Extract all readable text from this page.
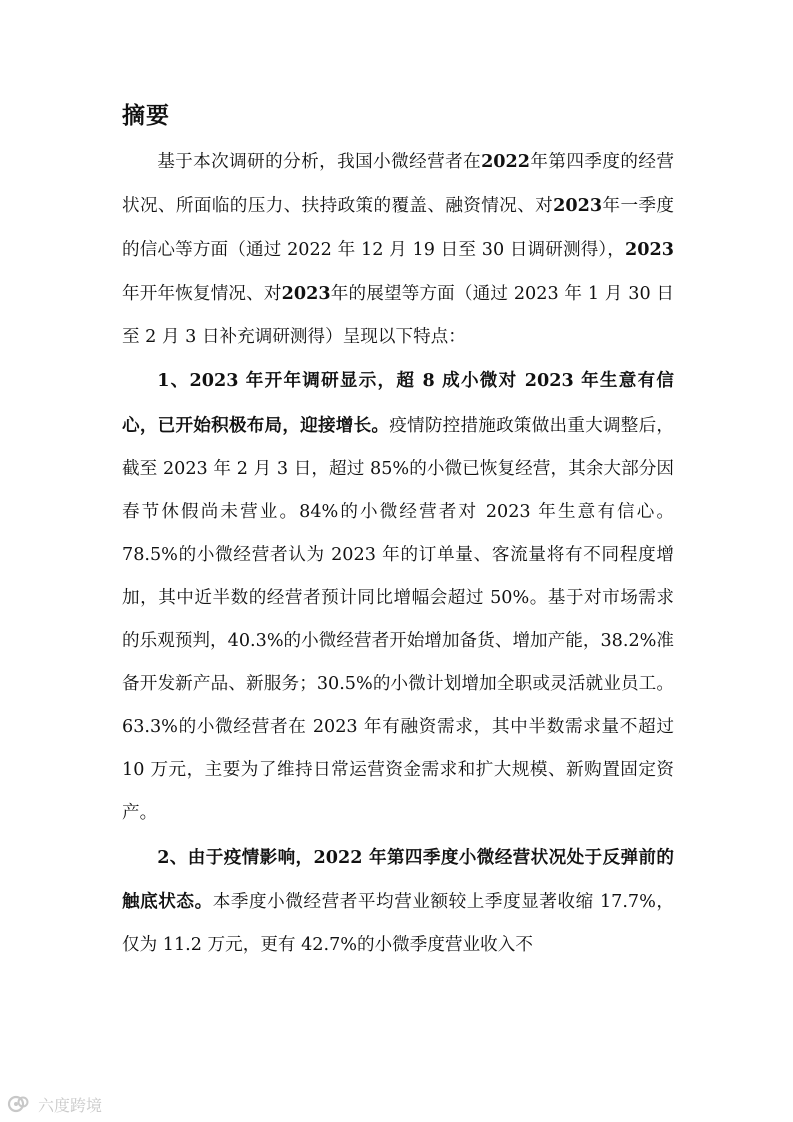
摘要

基于本次调研的分析，我国小微经营者在2022年第四季度的经营状况、所面临的压力、扶持政策的覆盖、融资情况、对2023年一季度的信心等方面（通过 2022 年 12 月 19 日至 30 日调研测得），2023年开年恢复情况、对2023年的展望等方面（通过 2023 年 1 月 30 日至 2 月 3 日补充调研测得）呈现以下特点：

1、2023 年开年调研显示，超 8 成小微对 2023 年生意有信心，已开始积极布局，迎接增长。疫情防控措施政策做出重大调整后，截至 2023 年 2 月 3 日，超过 85%的小微已恢复经营，其余大部分因春节休假尚未营业。84%的小微经营者对 2023 年生意有信心。78.5%的小微经营者认为 2023 年的订单量、客流量将有不同程度增加，其中近半数的经营者预计同比增幅会超过 50%。基于对市场需求的乐观预判，40.3%的小微经营者开始增加备货、增加产能，38.2%准备开发新产品、新服务；30.5%的小微计划增加全职或灵活就业员工。63.3%的小微经营者在 2023 年有融资需求，其中半数需求量不超过 10 万元，主要为了维持日常运营资金需求和扩大规模、新购置固定资产。

2、由于疫情影响，2022 年第四季度小微经营状况处于反弹前的触底状态。本季度小微经营者平均营业额较上季度显著收缩 17.7%，仅为 11.2 万元，更有 42.7%的小微季度营业收入不

六度跨境
